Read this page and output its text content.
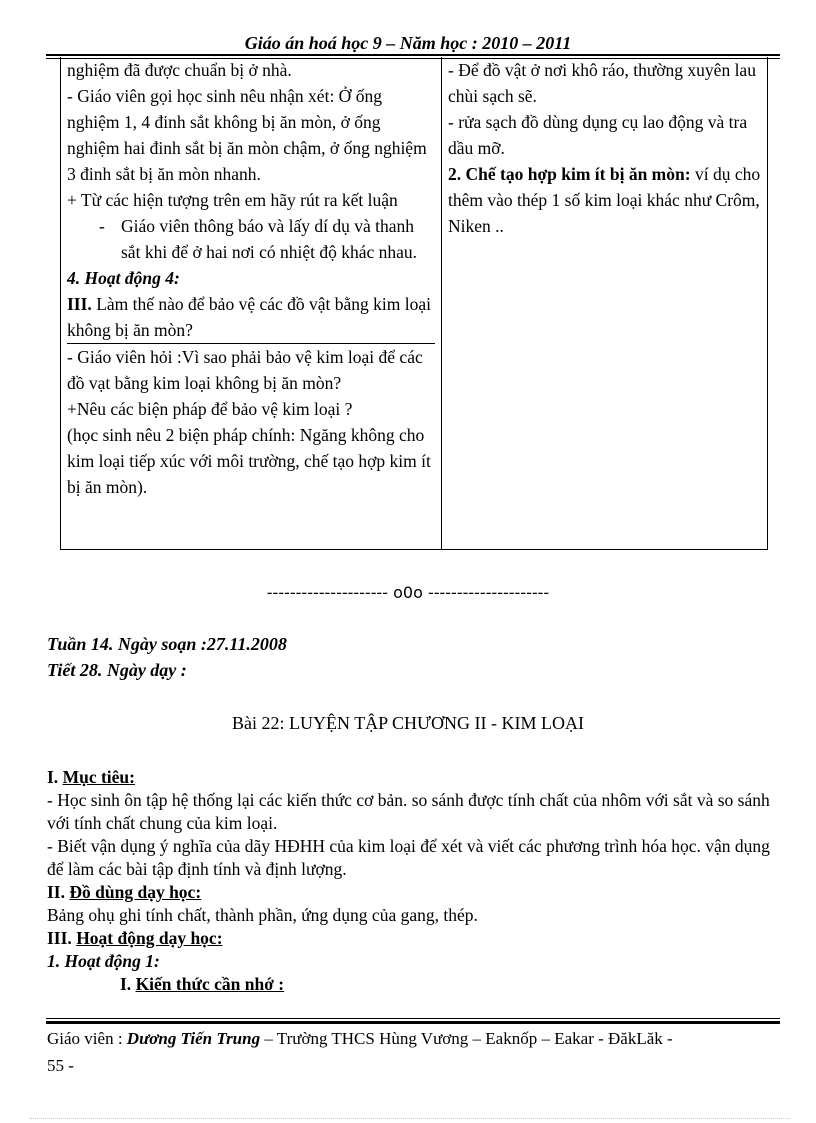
Giáo án hoá học 9 – Năm học : 2010 – 2011

nghiệm đã được chuẩn bị ở nhà.

- Giáo viên gọi học sinh nêu nhận xét: Ở ống nghiệm 1, 4 đinh sắt không bị ăn mòn, ở ống nghiệm hai đinh sắt bị ăn mòn chậm, ở ống nghiệm 3 đinh sắt bị ăn mòn nhanh.

+ Từ các hiện tượng trên em hãy rút ra kết luận

- Giáo viên thông báo và lấy dí dụ và thanh sắt khi để ở hai nơi có nhiệt độ khác nhau.

4. Hoạt động 4:

III. Làm thế nào để bảo vệ các đồ vật bằng kim loại không bị ăn mòn?

- Giáo viên hỏi :Vì sao phải bảo vệ kim loại để các đồ vạt bằng kim loại không bị ăn mòn?

+Nêu các biện pháp để bảo vệ kim loại ?

(học sinh nêu 2 biện pháp chính: Ngăng không cho kim loại tiếp xúc với môi trường, chế tạo hợp kim ít bị ăn mòn).

- Để đồ vật ở nơi khô ráo, thường xuyên lau chùi sạch sẽ.

- rửa sạch đồ dùng dụng cụ lao động và tra dầu mỡ.

2. Chế tạo hợp kim ít bị ăn mòn: ví dụ cho thêm vào thép 1 số kim loại khác như Crôm, Niken ..

--------------------- o0o ---------------------
Tuần 14. Ngày soạn :27.11.2008
Tiết 28. Ngày dạy :
Bài 22: LUYỆN TẬP CHƯƠNG II - KIM LOẠI

I. Mục tiêu:

- Học sinh ôn tập hệ thống lại các kiến thức cơ bản. so sánh được tính chất của nhôm với sắt và so sánh với tính chất chung của kim loại.

- Biết vận dụng ý nghĩa của dãy HĐHH của kim loại để xét và viết các phương trình hóa học. vận dụng để làm các bài tập định tính và định lượng.

II. Đồ dùng dạy học:

Bảng ohụ ghi tính chất, thành phần, ứng dụng của gang, thép.

III. Hoạt động dạy học:

1. Hoạt động 1:

I. Kiến thức cần nhớ :

Giáo viên : Dương Tiến Trung – Trường THCS Hùng Vương – Eaknốp – Eakar - ĐăkLăk -
55 -
